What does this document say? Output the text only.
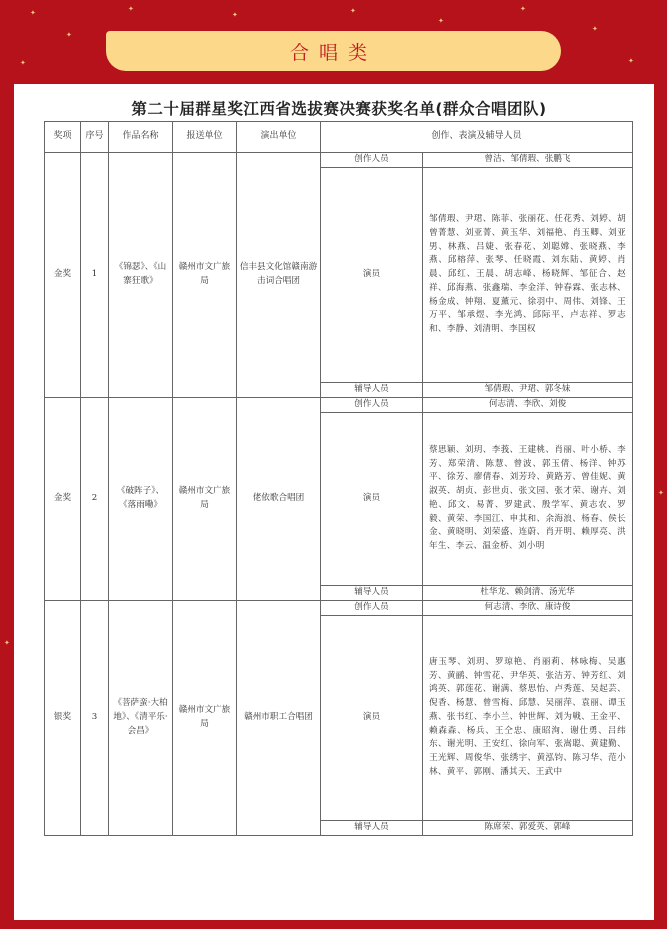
✦
✦
✦
✦	✦
✦
✦
✦
✦
✦
✦
✦
合唱类
第二十届群星奖江西省选拔赛决赛获奖名单(群众合唱团队)
奖项	序号	作品名称	报送单位	演出单位	创作、表演及辅导人员	
金奖	1	《锦瑟》、《山寨狂歌》	赣州市文广旅局	信丰县文化馆赣南游击词合唱团	创作人员	曾洁、邹倩瑕、张鹏飞
					演员	邹倩瑕、尹珺、陈菲、张丽花、任花秀、刘婷、胡曾菁慧、刘亚菁、黄玉华、刘福艳、肖玉卿、刘亚男、林燕、吕婕、张春花、刘聪嫦、张晓燕、李燕、邱榕萍、张琴、任晓霞、刘东陆、黄婷、肖晨、邱红、王晨、胡志峰、杨晓辉、邹征合、赵祥、邱海燕、张鑫瑞、李金洋、钟春霖、张志林、杨金成、钟翔、夏薰元、徐羽中、周伟、刘锋、王万平、邹承煜、李光鸿、邱际平、卢志祥、罗志和、李静、刘清明、李国权
					辅导人员	邹倩瑕、尹珺、郭冬妹
金奖	2	《破阵子》、《落雨嘞》	赣州市文广旅局	佬依歌合唱团	创作人员	何志清、李欣、刘俊
					演员	蔡思颖、刘玥、李莪、王建桃、肖丽、叶小桥、李芳、郑荣清、陈慧、曾波、郭玉倩、杨洋、钟苏平、徐芳、廖倩春、刘芳玲、黄路芳、曾佳妮、黄淑英、胡贞、彭世贞、张文园、张才荣、谢卉、刘艳、邱文、易菁、罗建武、殷学军、黄志农、罗毅、黄荣、李国江、申其和、余海浪、杨春、侯长金、黄晓明、刘荣盛、连蔚、肖开明、赖厚亮、洪年生、李云、温金桥、刘小明
					辅导人员	杜华龙、赖剑清、汤光华
银奖	3	《菩萨蛮·大柏地》、《清平乐·会昌》	赣州市文广旅局	赣州市职工合唱团	创作人员	何志清、李欣、康诗俊
					演员	唐玉琴、刘玥、罗琼艳、肖丽莉、林咏梅、吴惠芳、黄鹂、钟雪花、尹华英、张洁芳、钟芳红、刘鸿英、郭莲花、谢满、蔡思怡、卢秀莲、吴起芸、倪香、杨慧、曾雪梅、邱慧、吴丽萍、袁丽、谭玉燕、张书红、李小兰、钟世辉、刘为戦、王金平、赖森森、杨兵、王仝忠、康昭洵、谢仕勇、吕纬东、谢光明、王安红、徐向军、张嵩聪、黄建勤、王光辉、周俊华、张绣宇、黄泓钧、陈习华、范小林、黄平、郭刚、潘其天、王武中
					辅导人员	陈席荣、郭爱英、郭峰
